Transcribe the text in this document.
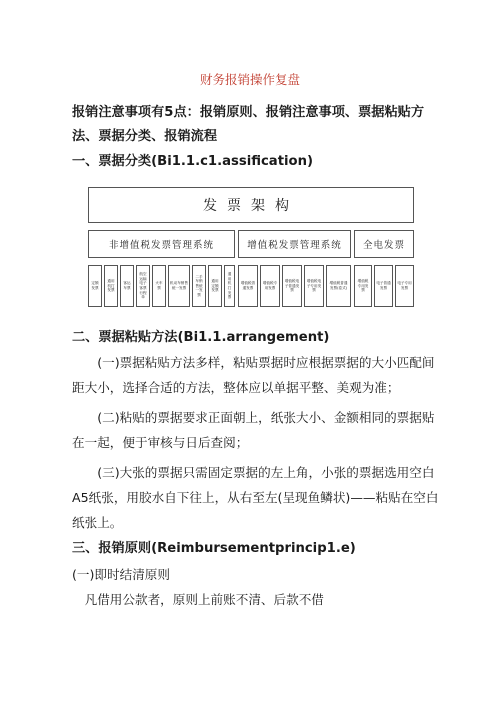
财务报销操作复盘
报销注意事项有5点：报销原则、报销注意事项、票据粘贴方法、票据分类、报销流程
一、票据分类(Bi1.1.c1.assification)
发票架构
非增值税发票管理系统	增值税发票管理系统	全电发票
定额发票
通用机打发票
客运车票
航空运输电子客票行程单
火车票
机动车销售统一发票
二手车销售统一发票
通用定额发票
通用机打发票
增值税普通发票
增值税专用发票
增值税电子普通发票
增值税电子专用发票
增值税普通发票(卷式)
增值税专用发票
电子普通发票
电子专用发票
二、票据粘贴方法(Bi1.1.arrangement)
(一)票据粘贴方法多样，粘贴票据时应根据票据的大小匹配间距大小，选择合适的方法，整体应以单据平整、美观为准；
(二)粘贴的票据要求正面朝上，纸张大小、金额相同的票据贴在一起，便于审核与日后查阅；
(三)大张的票据只需固定票据的左上角，小张的票据选用空白A5纸张，用胶水自下往上，从右至左(呈现鱼鳞状)——粘贴在空白纸张上。
三、报销原则(Reimbursementprincip1.e)
(一)即时结清原则
凡借用公款者，原则上前账不清、后款不借
